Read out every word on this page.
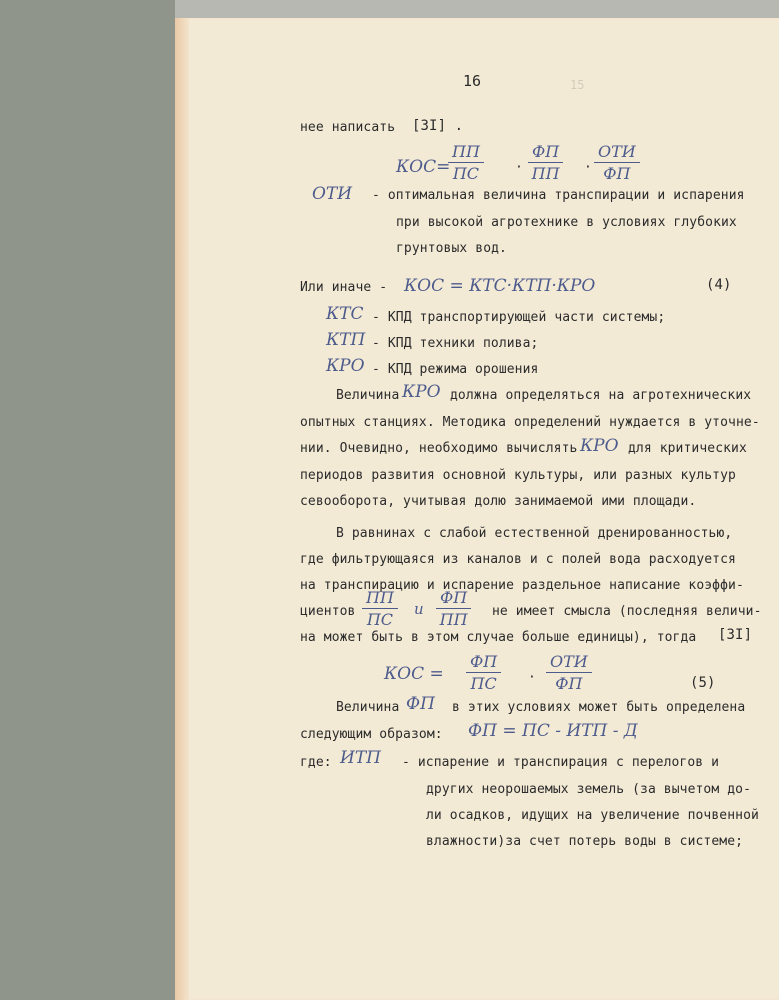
15
16
нее написать [3I] .
КОС=
ПП
ПС	·
ФП
ПП ·
ОТИ
ФП
ОТИ - оптимальная величина транспирации и испарения
при высокой агротехнике в условиях глубоких
грунтовых вод.
Или иначе - КОС = КТС·КТП·КРО	(4)
КТС - КПД транспортирующей части системы;
КТП - КПД техники полива;
КРО - КПД режима орошения
Величина КРО должна определяться на агротехнических
опытных станциях. Методика определений нуждается в уточне-
нии. Очевидно, необходимо вычислять КРО для критических
периодов развития основной культуры, или разных культур
севооборота, учитывая долю занимаемой ими площади.
В равнинах с слабой естественной дренированностью,
где фильтрующаяся из каналов и с полей вода расходуется
на транспирацию и испарение раздельное написание коэффи-
циентов
ПП
ПС
и
ФП
ПП не имеет смысла (последняя величи-
на может быть в этом случае больше единицы), тогда [3I]
КОС =
ФП
ПС	·
ОТИ
ФП	(5)
Величина ФП в этих условиях может быть определена
следующим образом: ФП = ПС - ИТП - Д
где: ИТП - испарение и транспирация с перелогов и
других неорошаемых земель (за вычетом до-
ли осадков, идущих на увеличение почвенной
влажности)за счет потерь воды в системе;
